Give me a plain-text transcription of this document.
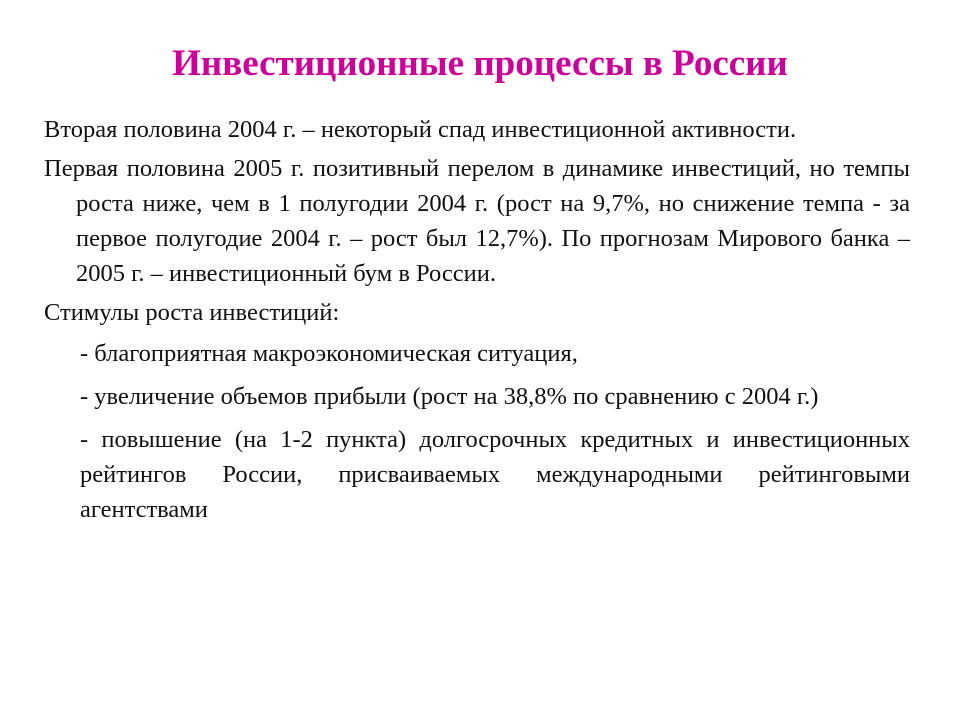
Инвестиционные процессы в России

Вторая половина 2004 г. – некоторый спад инвестиционной активности.

Первая половина 2005 г. позитивный перелом в динамике инвестиций, но темпы роста ниже, чем в 1 полугодии 2004 г. (рост на 9,7%, но снижение темпа - за первое полугодие 2004 г. – рост был 12,7%). По прогнозам Мирового банка – 2005 г. – инвестиционный бум в России.

Стимулы роста инвестиций:

- благоприятная макроэкономическая ситуация,

- увеличение объемов прибыли (рост на 38,8% по сравнению с 2004 г.)

- повышение (на 1-2 пункта) долгосрочных кредитных и инвестиционных рейтингов России, присваиваемых международными рейтинговыми агентствами
